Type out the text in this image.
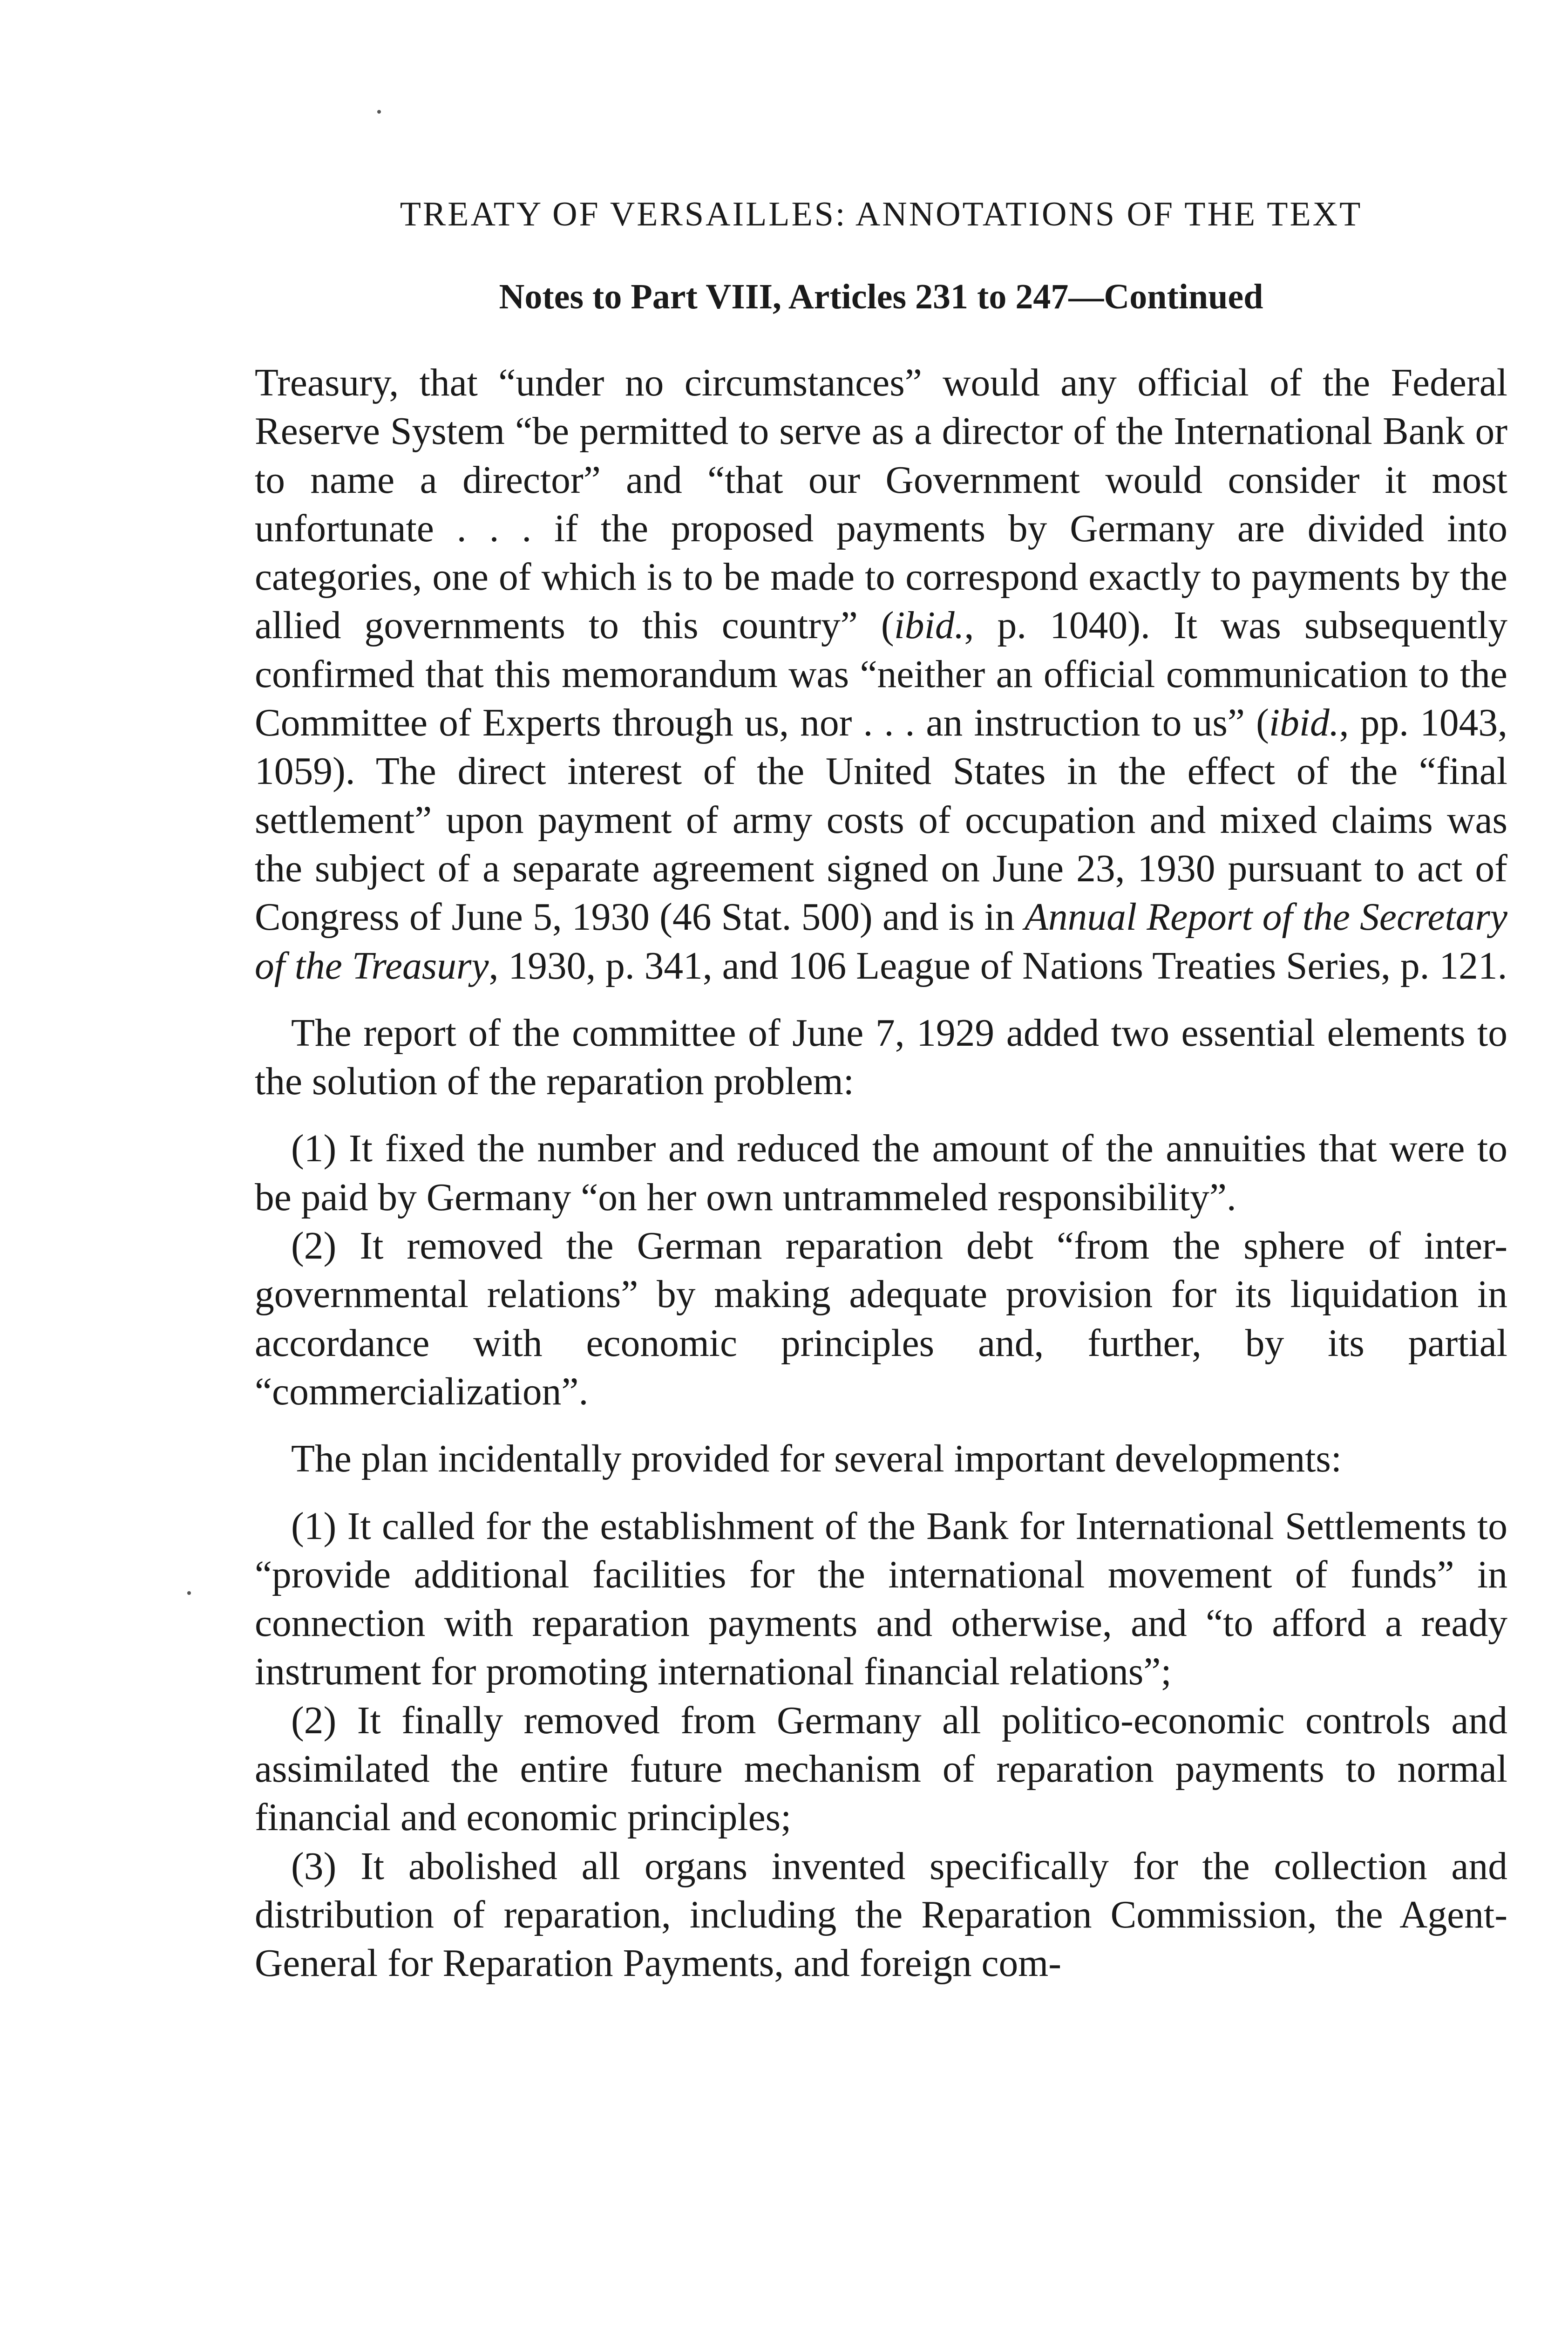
TREATY OF VERSAILLES: ANNOTATIONS OF THE TEXT
Notes to Part VIII, Articles 231 to 247—Continued

Treasury, that “under no circumstances” would any official of the Federal Reserve System “be permitted to serve as a director of the International Bank or to name a director” and “that our Government would consider it most unfortunate . . . if the proposed payments by Germany are divided into categories, one of which is to be made to correspond exactly to payments by the allied governments to this country” (ibid., p. 1040). It was subsequently confirmed that this memorandum was “neither an official communication to the Committee of Experts through us, nor . . . an instruction to us” (ibid., pp. 1043, 1059). The direct interest of the United States in the effect of the “final settlement” upon payment of army costs of occupation and mixed claims was the subject of a separate agreement signed on June 23, 1930 pursuant to act of Congress of June 5, 1930 (46 Stat. 500) and is in Annual Report of the Secretary of the Treasury, 1930, p. 341, and 106 League of Nations Treaties Series, p. 121.

The report of the committee of June 7, 1929 added two essential elements to the solution of the reparation problem:

(1) It fixed the number and reduced the amount of the annuities that were to be paid by Germany “on her own untrammeled responsibility”.

(2) It removed the German reparation debt “from the sphere of inter-governmental relations” by making adequate provision for its liquidation in accordance with economic principles and, further, by its partial “commercialization”.

The plan incidentally provided for several important developments:

(1) It called for the establishment of the Bank for International Settlements to “provide additional facilities for the international movement of funds” in connection with reparation payments and otherwise, and “to afford a ready instrument for promoting international financial relations”;

(2) It finally removed from Germany all politico-economic controls and assimilated the entire future mechanism of reparation payments to normal financial and economic principles;

(3) It abolished all organs invented specifically for the collection and distribution of reparation, including the Reparation Commission, the Agent-General for Reparation Payments, and foreign com-
